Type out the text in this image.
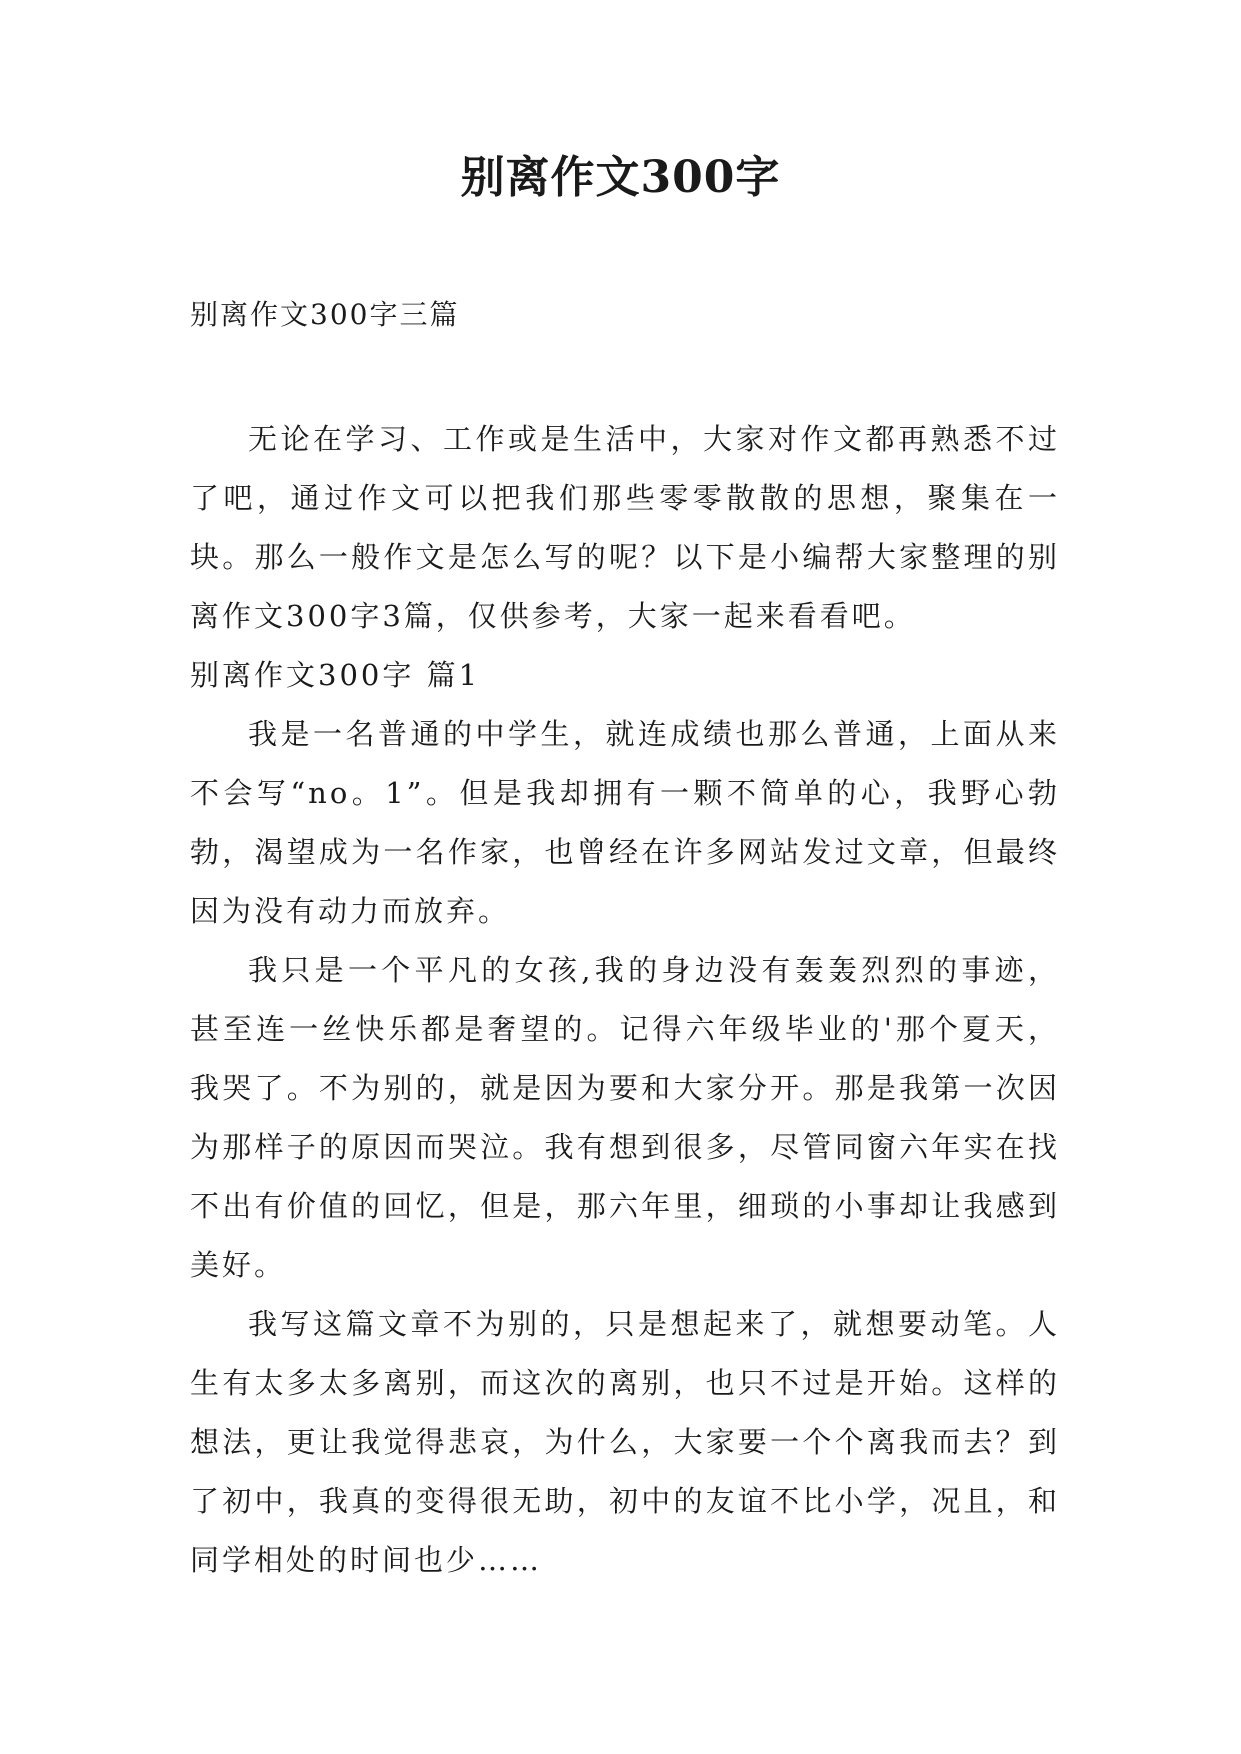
别离作文300字
别离作文300字三篇

无论在学习、工作或是生活中，大家对作文都再熟悉不过了吧，通过作文可以把我们那些零零散散的思想，聚集在一块。那么一般作文是怎么写的呢？以下是小编帮大家整理的别离作文300字3篇，仅供参考，大家一起来看看吧。

别离作文300字 篇1

我是一名普通的中学生，就连成绩也那么普通，上面从来不会写“no。1”。但是我却拥有一颗不简单的心，我野心勃勃，渴望成为一名作家，也曾经在许多网站发过文章，但最终因为没有动力而放弃。

我只是一个平凡的女孩,我的身边没有轰轰烈烈的事迹，甚至连一丝快乐都是奢望的。记得六年级毕业的'那个夏天，我哭了。不为别的，就是因为要和大家分开。那是我第一次因为那样子的原因而哭泣。我有想到很多，尽管同窗六年实在找不出有价值的回忆，但是，那六年里，细琐的小事却让我感到美好。

我写这篇文章不为别的，只是想起来了，就想要动笔。人生有太多太多离别，而这次的离别，也只不过是开始。这样的想法，更让我觉得悲哀，为什么，大家要一个个离我而去？到了初中，我真的变得很无助，初中的友谊不比小学，况且，和同学相处的时间也少……
